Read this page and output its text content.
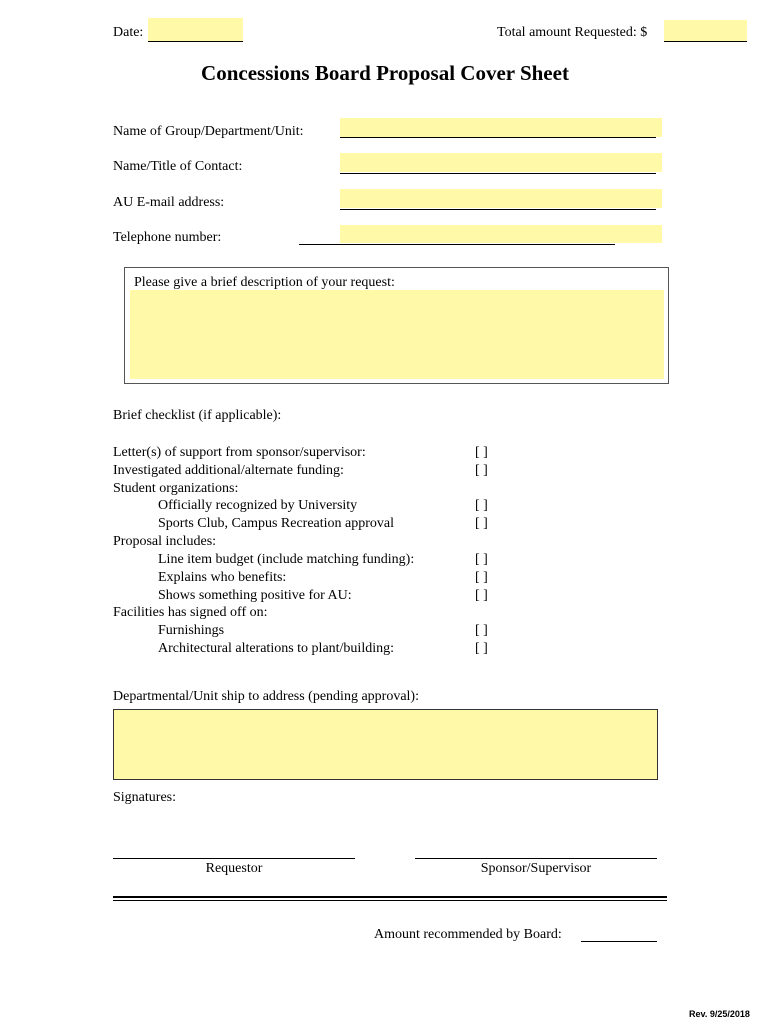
Date:	Total amount Requested: $
Concessions Board Proposal Cover Sheet
Name of Group/Department/Unit:
Name/Title of Contact:
AU E-mail address:
Telephone number:
Please give a brief description of your request:
Brief checklist (if applicable):
Letter(s) of support from sponsor/supervisor:	[ ]
Investigated additional/alternate funding:	[ ]
Student organizations:
Officially recognized by University	[ ]
Sports Club, Campus Recreation approval	[ ]
Proposal includes:
Line item budget (include matching funding):	[ ]
Explains who benefits:	[ ]
Shows something positive for AU:	[ ]
Facilities has signed off on:
Furnishings	[ ]
Architectural alterations to plant/building:	[ ]
Departmental/Unit ship to address (pending approval):
Signatures:
Requestor	Sponsor/Supervisor
Amount recommended by Board:
Rev. 9/25/2018
